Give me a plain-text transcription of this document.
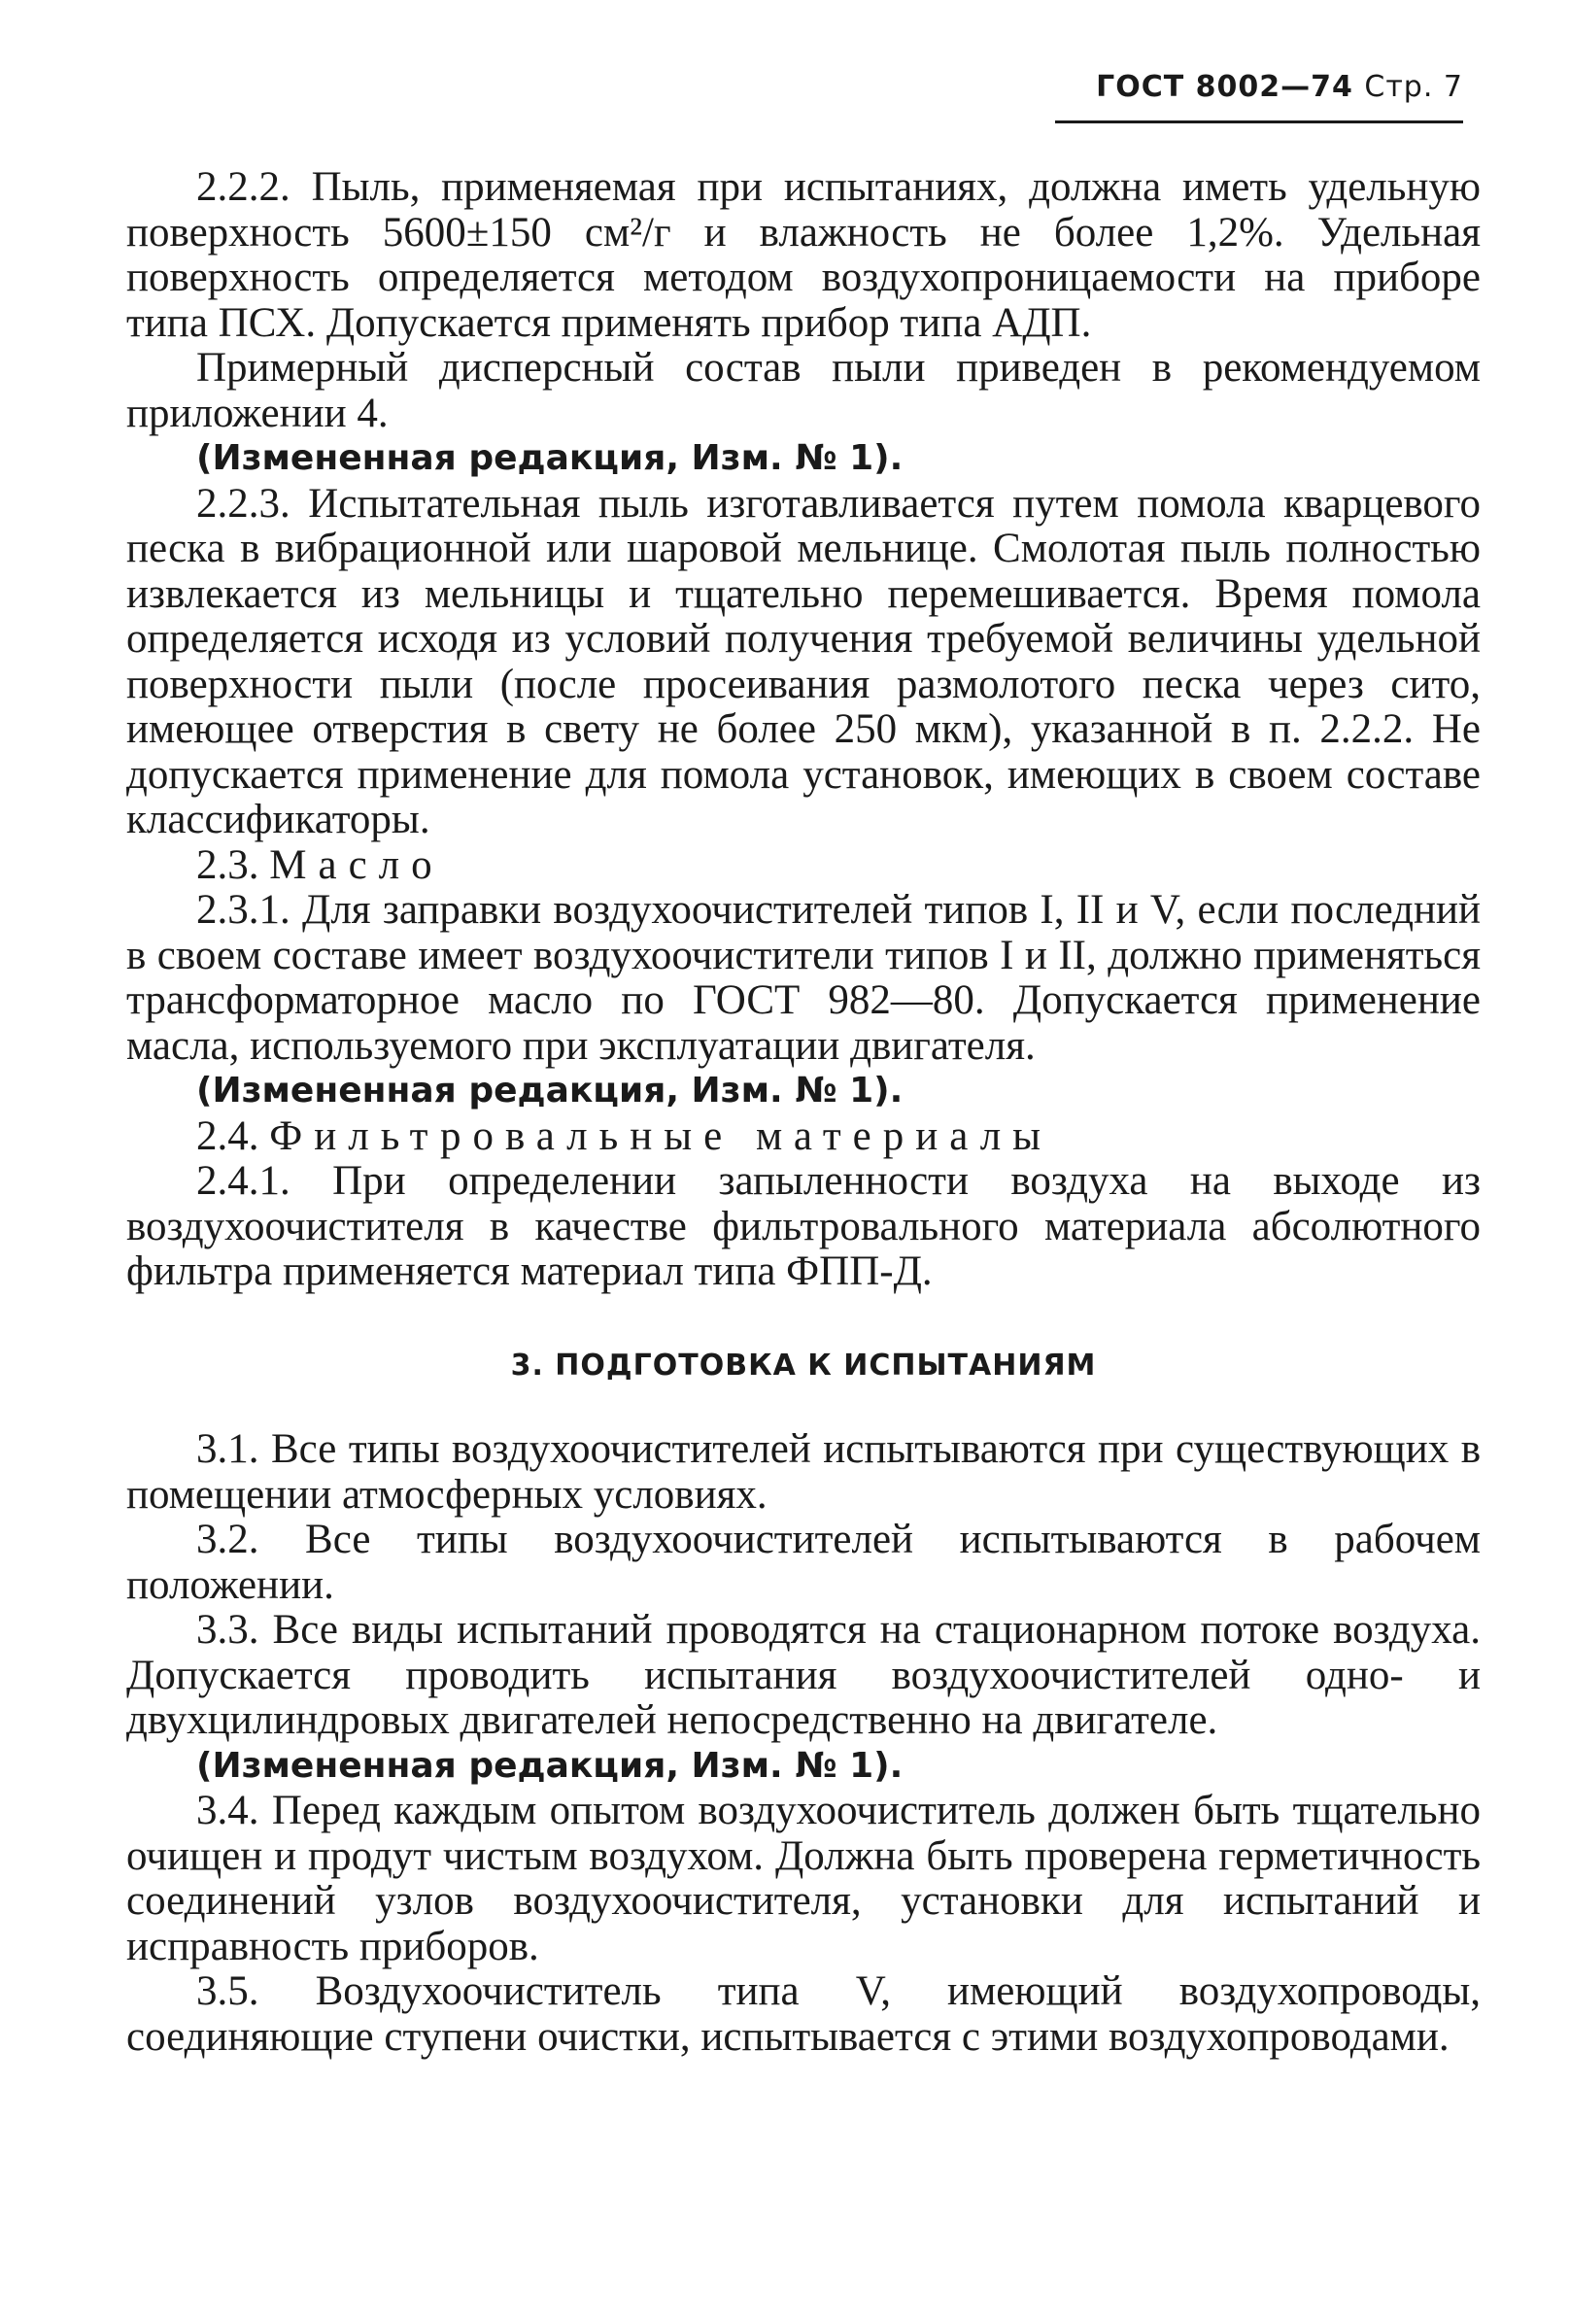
ГОСТ 8002—74 Стр. 7

2.2.2. Пыль, применяемая при испытаниях, должна иметь удельную поверхность 5600±150 см²/г и влажность не более 1,2%. Удельная поверхность определяется методом воздухопроницаемости на приборе типа ПСХ. Допускается применять прибор типа АДП.

Примерный дисперсный состав пыли приведен в рекомендуемом приложении 4.

(Измененная редакция, Изм. № 1).

2.2.3. Испытательная пыль изготавливается путем помола кварцевого песка в вибрационной или шаровой мельнице. Смолотая пыль полностью извлекается из мельницы и тщательно перемешивается. Время помола определяется исходя из условий получения требуемой величины удельной поверхности пыли (после просеивания размолотого песка через сито, имеющее отверстия в свету не более 250 мкм), указанной в п. 2.2.2. Не допускается применение для помола установок, имеющих в своем составе классификаторы.

2.3. Масло

2.3.1. Для заправки воздухоочистителей типов I, II и V, если последний в своем составе имеет воздухоочистители типов I и II, должно применяться трансформаторное масло по ГОСТ 982—80. Допускается применение масла, используемого при эксплуатации двигателя.

(Измененная редакция, Изм. № 1).

2.4. Фильтровальные материалы

2.4.1. При определении запыленности воздуха на выходе из воздухоочистителя в качестве фильтровального материала абсолютного фильтра применяется материал типа ФПП-Д.

3. ПОДГОТОВКА К ИСПЫТАНИЯМ

3.1. Все типы воздухоочистителей испытываются при существующих в помещении атмосферных условиях.

3.2. Все типы воздухоочистителей испытываются в рабочем положении.

3.3. Все виды испытаний проводятся на стационарном потоке воздуха. Допускается проводить испытания воздухоочистителей одно- и двухцилиндровых двигателей непосредственно на двигателе.

(Измененная редакция, Изм. № 1).

3.4. Перед каждым опытом воздухоочиститель должен быть тщательно очищен и продут чистым воздухом. Должна быть проверена герметичность соединений узлов воздухоочистителя, установки для испытаний и исправность приборов.

3.5. Воздухоочиститель типа V, имеющий воздухопроводы, соединяющие ступени очистки, испытывается с этими воздухопроводами.
